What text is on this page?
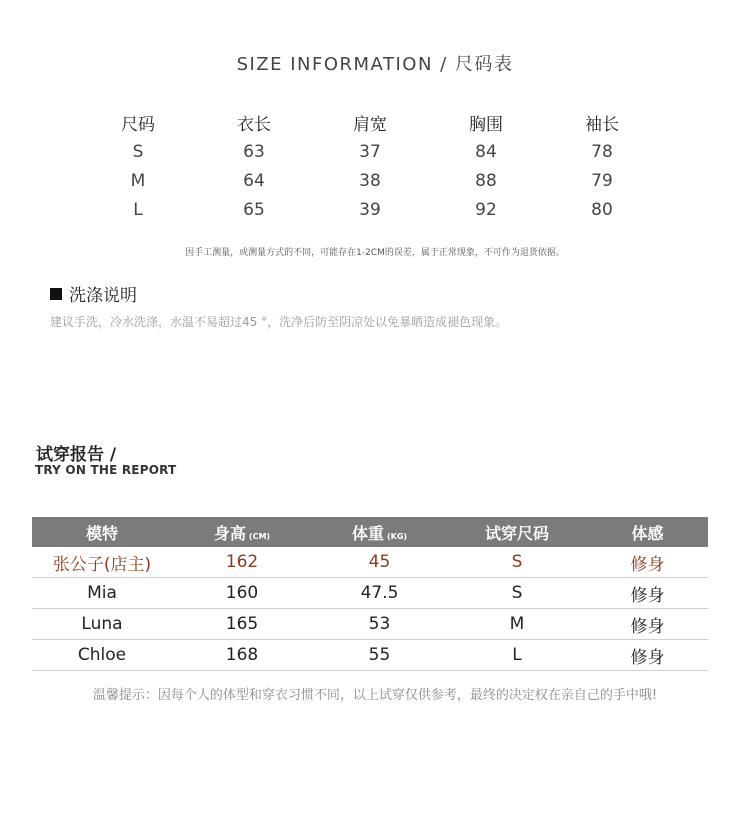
SIZE INFORMATION / 尺码表
尺码	衣长	肩宽	胸围	袖长
S	63	37	84	78
M	64	38	88	79
L	65	39	92	80
因手工测量，或测量方式的不同，可能存在1-2CM的误差，属于正常现象，不可作为退货依据。
洗涤说明
建议手洗，冷水洗涤，水温不易超过45 °，洗净后防至阴凉处以免暴晒造成褪色现象。
试穿报告 /
TRY ON THE REPORT
模特	身高 (CM)	体重 (KG)	试穿尺码	体感
张公子(店主)	162	45	S	修身
Mia	160	47.5	S	修身
Luna	165	53	M	修身
Chloe	168	55	L	修身
温馨提示：因每个人的体型和穿衣习惯不同，以上试穿仅供参考，最终的决定权在亲自己的手中哦!
